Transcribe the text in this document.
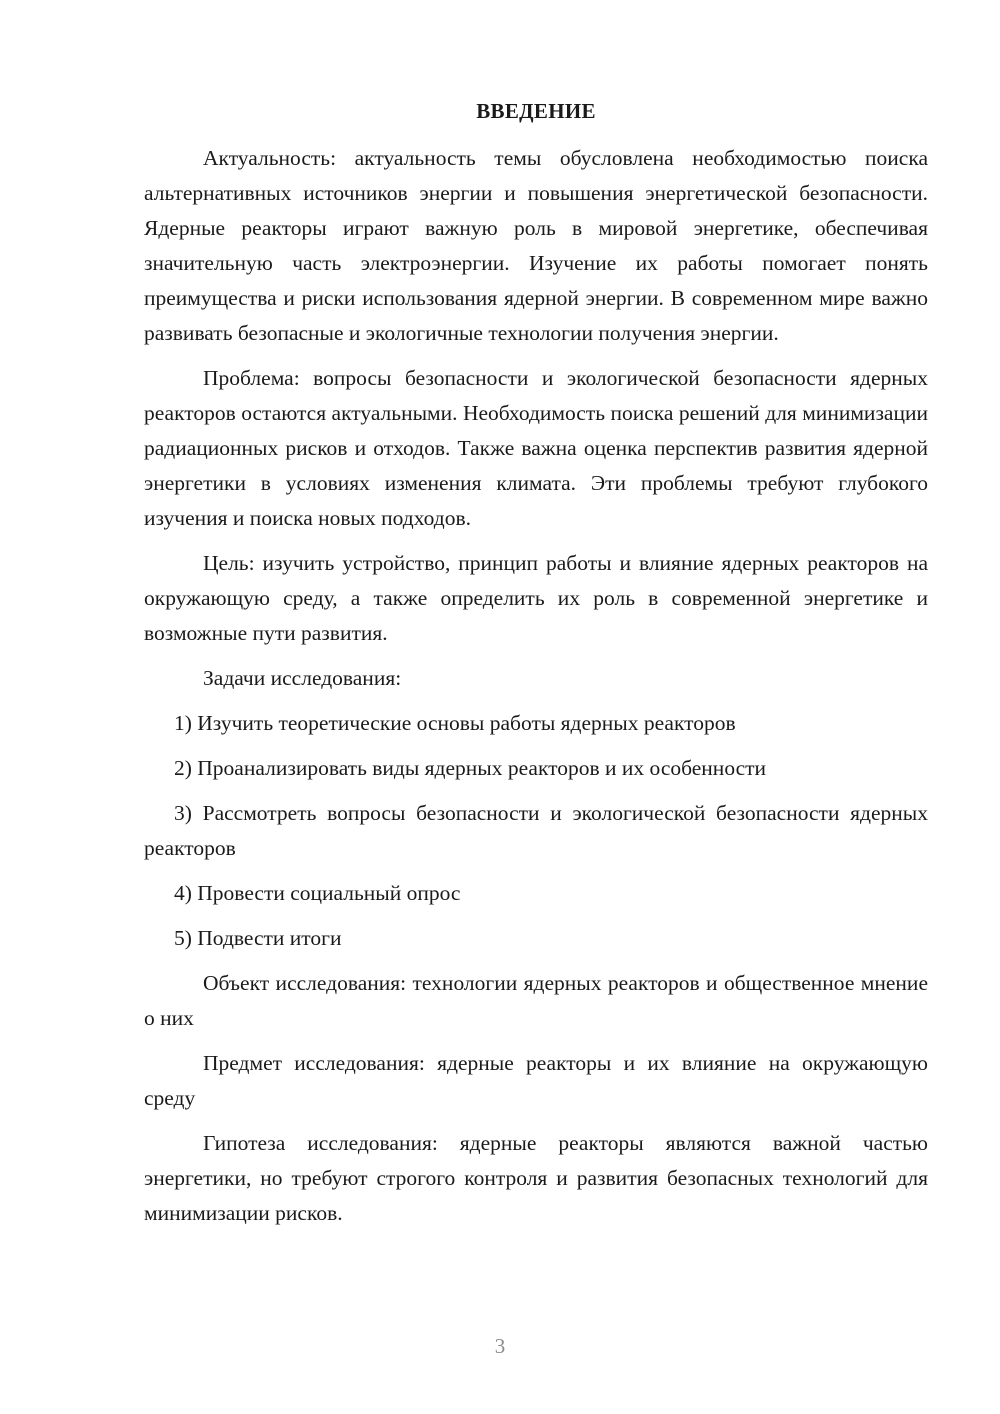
ВВЕДЕНИЕ

Актуальность: актуальность темы обусловлена необходимостью поиска альтернативных источников энергии и повышения энергетической безопасности. Ядерные реакторы играют важную роль в мировой энергетике, обеспечивая значительную часть электроэнергии. Изучение их работы помогает понять преимущества и риски использования ядерной энергии. В современном мире важно развивать безопасные и экологичные технологии получения энергии.

Проблема: вопросы безопасности и экологической безопасности ядерных реакторов остаются актуальными. Необходимость поиска решений для минимизации радиационных рисков и отходов. Также важна оценка перспектив развития ядерной энергетики в условиях изменения климата. Эти проблемы требуют глубокого изучения и поиска новых подходов.

Цель: изучить устройство, принцип работы и влияние ядерных реакторов на окружающую среду, а также определить их роль в современной энергетике и возможные пути развития.

Задачи исследования:

1) Изучить теоретические основы работы ядерных реакторов

2) Проанализировать виды ядерных реакторов и их особенности

3) Рассмотреть вопросы безопасности и экологической безопасности ядерных реакторов

4) Провести социальный опрос

5) Подвести итоги

Объект исследования: технологии ядерных реакторов и общественное мнение о них

Предмет исследования: ядерные реакторы и их влияние на окружающую среду

Гипотеза исследования: ядерные реакторы являются важной частью энергетики, но требуют строгого контроля и развития безопасных технологий для минимизации рисков.

3
